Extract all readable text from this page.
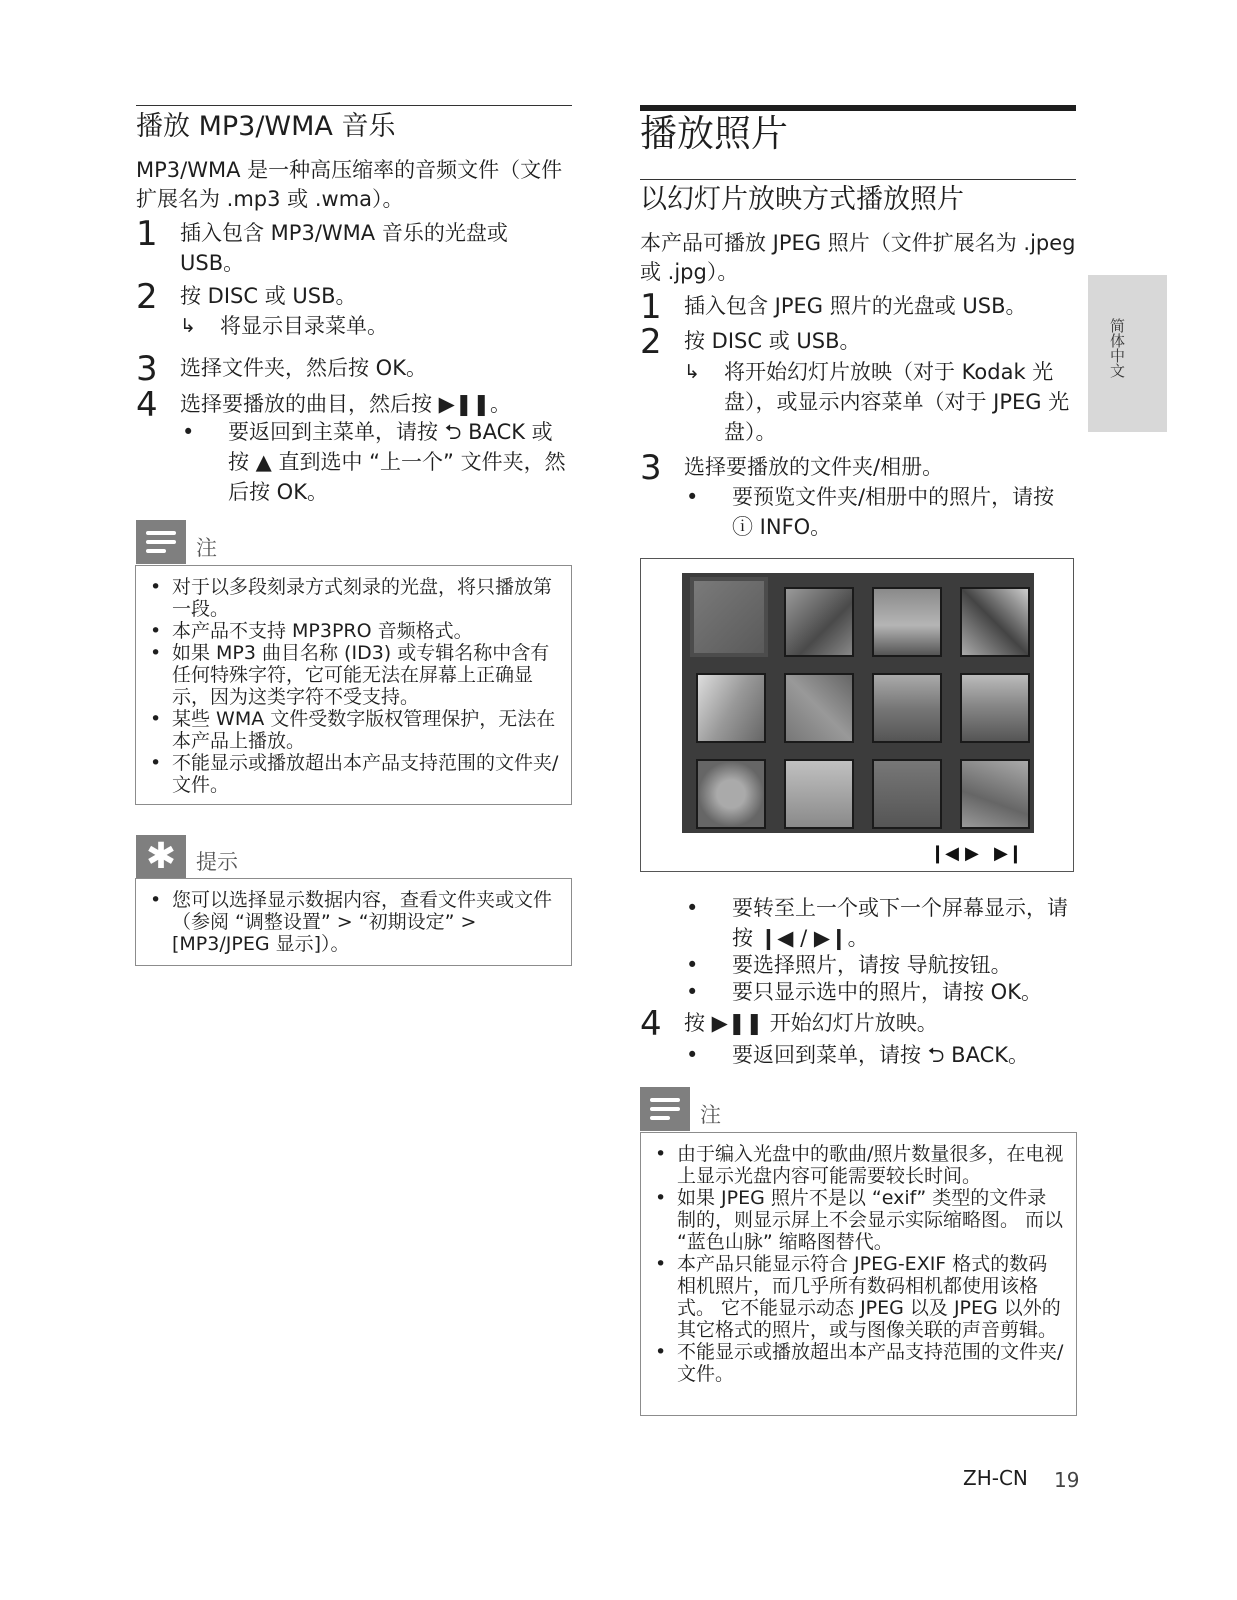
播放 MP3/WMA 音乐

MP3/WMA 是一种高压缩率的音频文件（文件扩展名为 .mp3 或 .wma）。

1	插入包含 MP3/WMA 音乐的光盘或 USB。
2	按 DISC 或 USB。
↳	将显示目录菜单。
3	选择文件夹，然后按 OK。
4	选择要播放的曲目，然后按 ▶❚❚。
•	要返回到主菜单，请按 ⮌ BACK 或按 ▲ 直到选中 “上一个” 文件夹，然后按 OK。
注
• 对于以多段刻录方式刻录的光盘，将只播放第一段。
• 本产品不支持 MP3PRO 音频格式。
• 如果 MP3 曲目名称 (ID3) 或专辑名称中含有任何特殊字符，它可能无法在屏幕上正确显示，因为这类字符不受支持。
• 某些 WMA 文件受数字版权管理保护，无法在本产品上播放。
• 不能显示或播放超出本产品支持范围的文件夹/文件。
✱ 提示
• 您可以选择显示数据内容，查看文件夹或文件（参阅 “调整设置” > “初期设定” > [MP3/JPEG 显示]）。
播放照片
以幻灯片放映方式播放照片

本产品可播放 JPEG 照片（文件扩展名为 .jpeg 或 .jpg）。

1	插入包含 JPEG 照片的光盘或 USB。
2	按 DISC 或 USB。
↳	将开始幻灯片放映（对于 Kodak 光盘），或显示内容菜单（对于 JPEG 光盘）。
3	选择要播放的文件夹/相册。
•	要预览文件夹/相册中的照片，请按 ⓘ INFO。
❙◀ ▶ ▶❙
•	要转至上一个或下一个屏幕显示，请按 ❙◀ / ▶❙。
•	要选择照片，请按 导航按钮。
•	要只显示选中的照片，请按 OK。
4	按 ▶❚❚ 开始幻灯片放映。
•	要返回到菜单，请按 ⮌ BACK。
注
• 由于编入光盘中的歌曲/照片数量很多，在电视上显示光盘内容可能需要较长时间。
• 如果 JPEG 照片不是以 “exif” 类型的文件录制的，则显示屏上不会显示实际缩略图。 而以 “蓝色山脉” 缩略图替代。
• 本产品只能显示符合 JPEG-EXIF 格式的数码相机照片，而几乎所有数码相机都使用该格式。 它不能显示动态 JPEG 以及 JPEG 以外的其它格式的照片，或与图像关联的声音剪辑。
• 不能显示或播放超出本产品支持范围的文件夹/文件。
简体中文
ZH-CN 19
